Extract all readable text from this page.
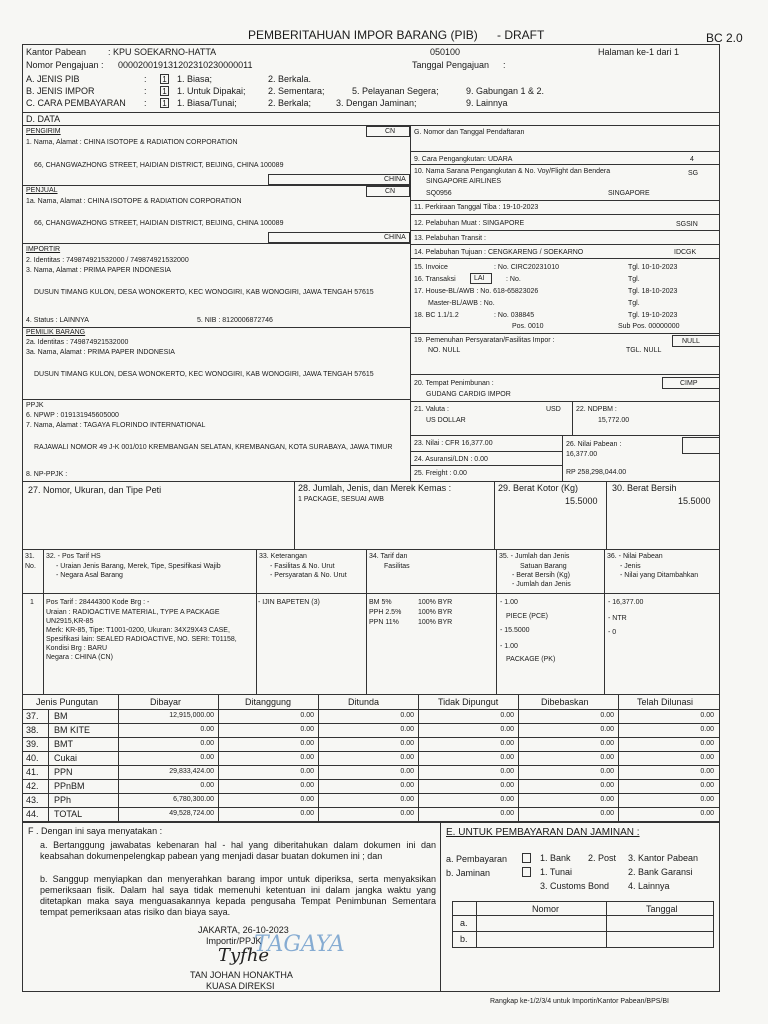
PEMBERITAHUAN IMPOR BARANG (PIB) - DRAFT	BC 2.0
Kantor Pabean : KPU SOEKARNO-HATTA	050100	Halaman ke-1 dari 1
Nomor Pengajuan : 000020019131202310230000011	Tanggal Pengajuan :
A. JENIS PIB	: 1 1. Biasa;	2. Berkala.
B. JENIS IMPOR	: 1 1. Untuk Dipakai; 2. Sementara;	5. Pelayanan Segera;	9. Gabungan 1 & 2.
C. CARA PEMBAYARAN : 1 1. Biasa/Tunai;	2. Berkala;	3. Dengan Jaminan;	9. Lainnya
D. DATA
PENGIRIM	CN
1. Nama, Alamat : CHINA ISOTOPE & RADIATION CORPORATION
66, CHANGWAZHONG STREET, HAIDIAN DISTRICT, BEIJING, CHINA 100089
CHINA
PENJUAL	CN
1a. Nama, Alamat : CHINA ISOTOPE & RADIATION CORPORATION
66, CHANGWAZHONG STREET, HAIDIAN DISTRICT, BEIJING, CHINA 100089
CHINA
IMPORTIR
2. Identitas : 749874921532000 / 749874921532000
3. Nama, Alamat : PRIMA PAPER INDONESIA
DUSUN TIMANG KULON, DESA WONOKERTO, KEC WONOGIRI, KAB WONOGIRI, JAWA TENGAH 57615
4. Status : LAINNYA	5. NIB : 8120006872746
PEMILIK BARANG
2a. Identitas : 749874921532000
3a. Nama, Alamat : PRIMA PAPER INDONESIA
DUSUN TIMANG KULON, DESA WONOKERTO, KEC WONOGIRI, KAB WONOGIRI, JAWA TENGAH 57615
PPJK
6. NPWP : 019131945605000
7. Nama, Alamat : TAGAYA FLORINDO INTERNATIONAL
RAJAWALI NOMOR 49 J-K 001/010 KREMBANGAN SELATAN, KREMBANGAN, KOTA SURABAYA, JAWA TIMUR
8. NP-PPJK :
G. Nomor dan Tanggal Pendaftaran
9. Cara Pengangkutan: UDARA	4
10. Nama Sarana Pengangkutan & No. Voy/Flight dan Bendera	SG
SINGAPORE AIRLINES
SQ0956	SINGAPORE
11. Perkiraan Tanggal Tiba : 19-10-2023
12. Pelabuhan Muat : SINGAPORE	SGSIN
13. Pelabuhan Transit :
14. Pelabuhan Tujuan : CENGKARENG / SOEKARNO	IDCGK
15. Invoice	: No. CIRC20231010	Tgl. 10-10-2023
16. Transaksi	LAI	: No.	Tgl.
17. House-BL/AWB : No. 618-65823026	Tgl. 18-10-2023
Master-BL/AWB : No.	Tgl.
18. BC 1.1/1.2	: No. 038845	Tgl. 19-10-2023
Pos. 0010	Sub Pos. 00000000
19. Pemenuhan Persyaratan/Fasilitas Impor :	NULL
NO. NULL	TGL. NULL
20. Tempat Penimbunan :	CIMP
GUDANG CARDIG IMPOR
21. Valuta :	USD
US DOLLAR
22. NDPBM :
15,772.00
23. Nilai : CFR 16,377.00	26. Nilai Pabean :
16,377.00
24. Asuransi/LDN : 0.00
25. Freight : 0.00	RP 258,298,044.00
27. Nomor, Ukuran, dan Tipe Peti	28. Jumlah, Jenis, dan Merek Kemas :
1 PACKAGE, SESUAI AWB
29. Berat Kotor (Kg)
15.5000
30. Berat Bersih
15.5000
31.
No.
32. - Pos Tarif HS
- Uraian Jenis Barang, Merek, Tipe, Spesifikasi Wajib
- Negara Asal Barang
33. Keterangan
- Fasilitas & No. Urut
- Persyaratan & No. Urut
34. Tarif dan
Fasilitas
35. - Jumlah dan Jenis
Satuan Barang
- Berat Bersih (Kg)
- Jumlah dan Jenis
36. - Nilai Pabean
- Jenis
- Nilai yang Ditambahkan
1 Pos Tarif : 28444300 Kode Brg : -
Uraian : RADIOACTIVE MATERIAL, TYPE A PACKAGE
UN2915,KR-85
Merk: KR-85, Tipe: T1001-0200, Ukuran: 34X29X43 CASE,
Spesifikasi lain: SEALED RADIOACTIVE, NO. SERI: T01158,
Kondisi Brg : BARU
Negara : CHINA (CN)
- IJIN BAPETEN (3)	BM 5%	100% BYR
PPH 2.5% 100% BYR
PPN 11%	100% BYR
- 1.00
PIECE (PCE)
- 15.5000
- 1.00
PACKAGE (PK)
- 16,377.00
- NTR
- 0
Jenis Pungutan	Dibayar	Ditanggung	Ditunda	Tidak Dipungut	Dibebaskan	Telah Dilunasi
37. BM	12,915,000.00	0.00	0.00	0.00	0.00	0.00
38. BM KITE	0.00	0.00	0.00	0.00	0.00	0.00
39. BMT	0.00	0.00	0.00	0.00	0.00	0.00
40. Cukai	0.00	0.00	0.00	0.00	0.00	0.00
41. PPN	29,833,424.00	0.00	0.00	0.00	0.00	0.00
42. PPnBM	0.00	0.00	0.00	0.00	0.00	0.00
43. PPh	6,780,300.00	0.00	0.00	0.00	0.00	0.00
44. TOTAL	49,528,724.00	0.00	0.00	0.00	0.00	0.00
F . Dengan ini saya menyatakan :
a. Bertanggung jawabatas kebenaran hal - hal yang diberitahukan dalam dokumen ini dan keabsahan dokumenpelengkap pabean yang menjadi dasar buatan dokumen ini ; dan
b. Sanggup menyiapkan dan menyerahkan barang impor untuk diperiksa, serta menyaksikan pemeriksaan fisik. Dalam hal saya tidak memenuhi ketentuan ini dalam jangka waktu yang ditetapkan maka saya menguasakannya kepada pengusaha Tempat Penimbunan Sementara tempat pemeriksaan atas risiko dan biaya saya.
JAKARTA, 26-10-2023
Importir/PPJK
TAGAYA
Tyfhe
TAN JOHAN HONAKTHA
KUASA DIREKSI
E. UNTUK PEMBAYARAN DAN JAMINAN :
a. Pembayaran	1. Bank 2. Post 3. Kantor Pabean
b. Jaminan	1. Tunai	2. Bank Garansi
3. Customs Bond 4. Lainnya
Nomor	Tanggal
a.
b.
Rangkap ke-1/2/3/4 untuk Importir/Kantor Pabean/BPS/BI
